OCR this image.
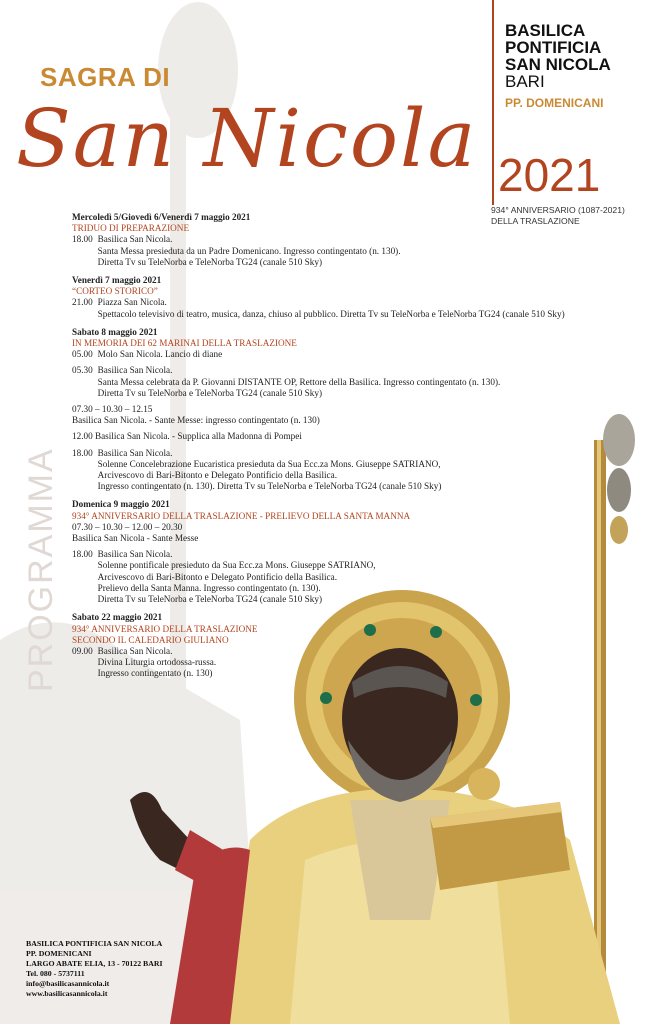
SAGRA DI
San Nicola
BASILICA
PONTIFICIA
SAN NICOLA
BARI
PP. DOMENICANI
2021
934° ANNIVERSARIO (1087-2021)
DELLA TRASLAZIONE
PROGRAMMA
Mercoledì 5/Giovedì 6/Venerdì 7 maggio 2021
TRIDUO DI PREPARAZIONE
18.00 Basilica San Nicola.
Santa Messa presieduta da un Padre Domenicano. Ingresso contingentato (n. 130).
Diretta Tv su TeleNorba e TeleNorba TG24 (canale 510 Sky)
Venerdì 7 maggio 2021
“CORTEO STORICO”
21.00 Piazza San Nicola.
Spettacolo televisivo di teatro, musica, danza, chiuso al pubblico. Diretta Tv su TeleNorba e TeleNorba TG24 (canale 510 Sky)
Sabato 8 maggio 2021
IN MEMORIA DEI 62 MARINAI DELLA TRASLAZIONE
05.00 Molo San Nicola. Lancio di diane
05.30 Basilica San Nicola.
Santa Messa celebrata da P. Giovanni DISTANTE OP, Rettore della Basilica. Ingresso contingentato (n. 130).
Diretta Tv su TeleNorba e TeleNorba TG24 (canale 510 Sky)
07.30 – 10.30 – 12.15
Basilica San Nicola. - Sante Messe: ingresso contingentato (n. 130)
12.00 Basilica San Nicola. - Supplica alla Madonna di Pompei
18.00 Basilica San Nicola.
Solenne Concelebrazione Eucaristica presieduta da Sua Ecc.za Mons. Giuseppe SATRIANO,
Arcivescovo di Bari-Bitonto e Delegato Pontificio della Basilica.
Ingresso contingentato (n. 130). Diretta Tv su TeleNorba e TeleNorba TG24 (canale 510 Sky)
Domenica 9 maggio 2021
934° ANNIVERSARIO DELLA TRASLAZIONE - PRELIEVO DELLA SANTA MANNA
07.30 – 10.30 – 12.00 – 20.30
Basilica San Nicola - Sante Messe
18.00 Basilica San Nicola.
Solenne pontificale presieduto da Sua Ecc.za Mons. Giuseppe SATRIANO,
Arcivescovo di Bari-Bitonto e Delegato Pontificio della Basilica.
Prelievo della Santa Manna. Ingresso contingentato (n. 130).
Diretta Tv su TeleNorba e TeleNorba TG24 (canale 510 Sky)
Sabato 22 maggio 2021
934° ANNIVERSARIO DELLA TRASLAZIONE
SECONDO IL CALEDARIO GIULIANO
09.00 Basilica San Nicola.
Divina Liturgia ortodossa-russa.
Ingresso contingentato (n. 130)
BASILICA PONTIFICIA SAN NICOLA
PP. DOMENICANI
LARGO ABATE ELIA, 13 - 70122 BARI
Tel. 080 - 5737111
info@basilicasannicola.it
www.basilicasannicola.it
